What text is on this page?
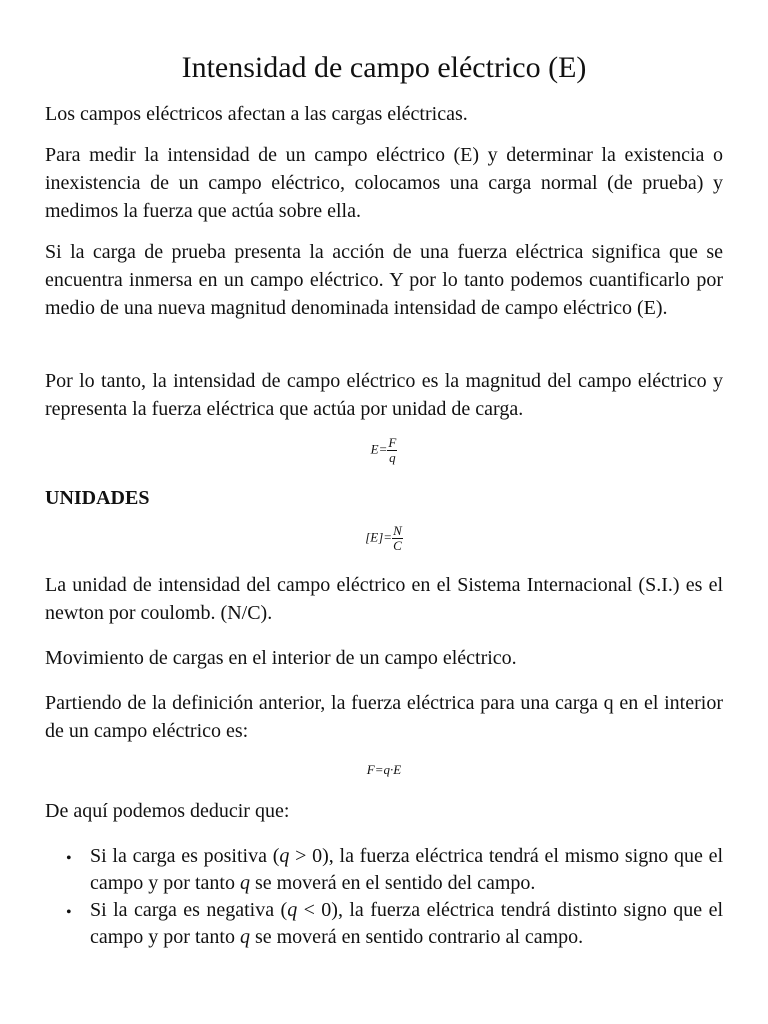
Intensidad de campo eléctrico (E)

Los campos eléctricos afectan a las cargas eléctricas.

Para medir la intensidad de un campo eléctrico (E) y determinar la existencia o inexistencia de un campo eléctrico, colocamos una carga normal (de prueba) y medimos la fuerza que actúa sobre ella.

Si la carga de prueba presenta la acción de una fuerza eléctrica significa que se encuentra inmersa en un campo eléctrico. Y por lo tanto podemos cuantificarlo por medio de una nueva magnitud denominada intensidad de campo eléctrico (E).

Por lo tanto, la intensidad de campo eléctrico es la magnitud del campo eléctrico y representa la fuerza eléctrica que actúa por unidad de carga.

$E= \frac{F}{q}$
UNIDADES
$[E]= \frac{N}{C}$

La unidad de intensidad del campo eléctrico en el Sistema Internacional (S.I.) es el newton por coulomb. (N/C).

Movimiento de cargas en el interior de un campo eléctrico.

Partiendo de la definición anterior, la fuerza eléctrica para una carga q en el interior de un campo eléctrico es:

F=q·E

De aquí podemos deducir que:

• Si la carga es positiva (q > 0), la fuerza eléctrica tendrá el mismo signo que el campo y por tanto q se moverá en el sentido del campo.

• Si la carga es negativa (q < 0), la fuerza eléctrica tendrá distinto signo que el campo y por tanto q se moverá en sentido contrario al campo.
